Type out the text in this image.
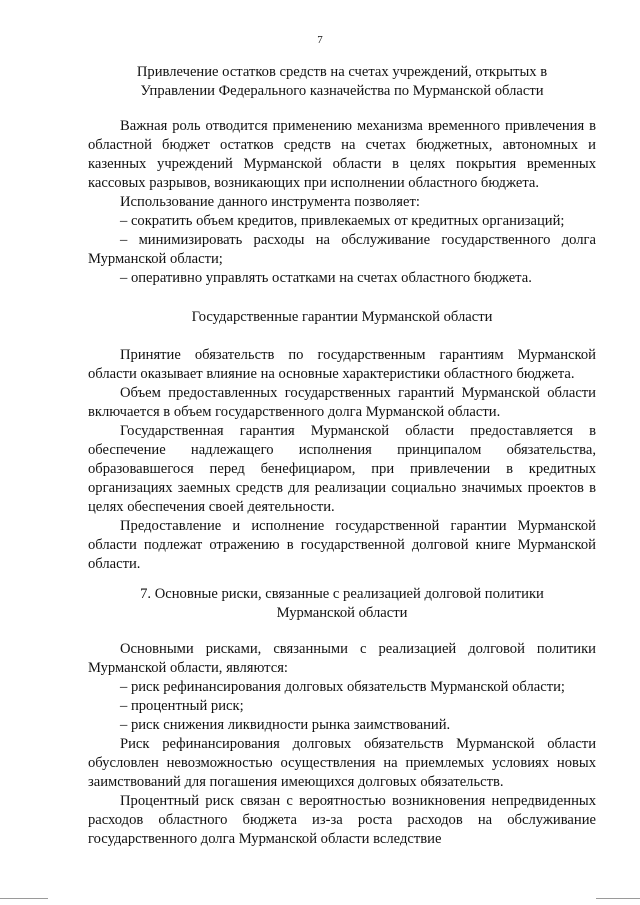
7

Привлечение остатков средств на счетах учреждений, открытых в Управлении Федерального казначейства по Мурманской области

Важная роль отводится применению механизма временного привлечения в областной бюджет остатков средств на счетах бюджетных, автономных и казенных учреждений Мурманской области в целях покрытия временных кассовых разрывов, возникающих при исполнении областного бюджета.

Использование данного инструмента позволяет:

– сократить объем кредитов, привлекаемых от кредитных организаций;

– минимизировать расходы на обслуживание государственного долга Мурманской области;

– оперативно управлять остатками на счетах областного бюджета.

Государственные гарантии Мурманской области

Принятие обязательств по государственным гарантиям Мурманской области оказывает влияние на основные характеристики областного бюджета.

Объем предоставленных государственных гарантий Мурманской области включается в объем государственного долга Мурманской области.

Государственная гарантия Мурманской области предоставляется в обеспечение надлежащего исполнения принципалом обязательства, образовавшегося перед бенефициаром, при привлечении в кредитных организациях заемных средств для реализации социально значимых проектов в целях обеспечения своей деятельности.

Предоставление и исполнение государственной гарантии Мурманской области подлежат отражению в государственной долговой книге Мурманской области.

7. Основные риски, связанные с реализацией долговой политики Мурманской области

Основными рисками, связанными с реализацией долговой политики Мурманской области, являются:

– риск рефинансирования долговых обязательств Мурманской области;

– процентный риск;

– риск снижения ликвидности рынка заимствований.

Риск рефинансирования долговых обязательств Мурманской области обусловлен невозможностью осуществления на приемлемых условиях новых заимствований для погашения имеющихся долговых обязательств.

Процентный риск связан с вероятностью возникновения непредвиденных расходов областного бюджета из-за роста расходов на обслуживание государственного долга Мурманской области вследствие
